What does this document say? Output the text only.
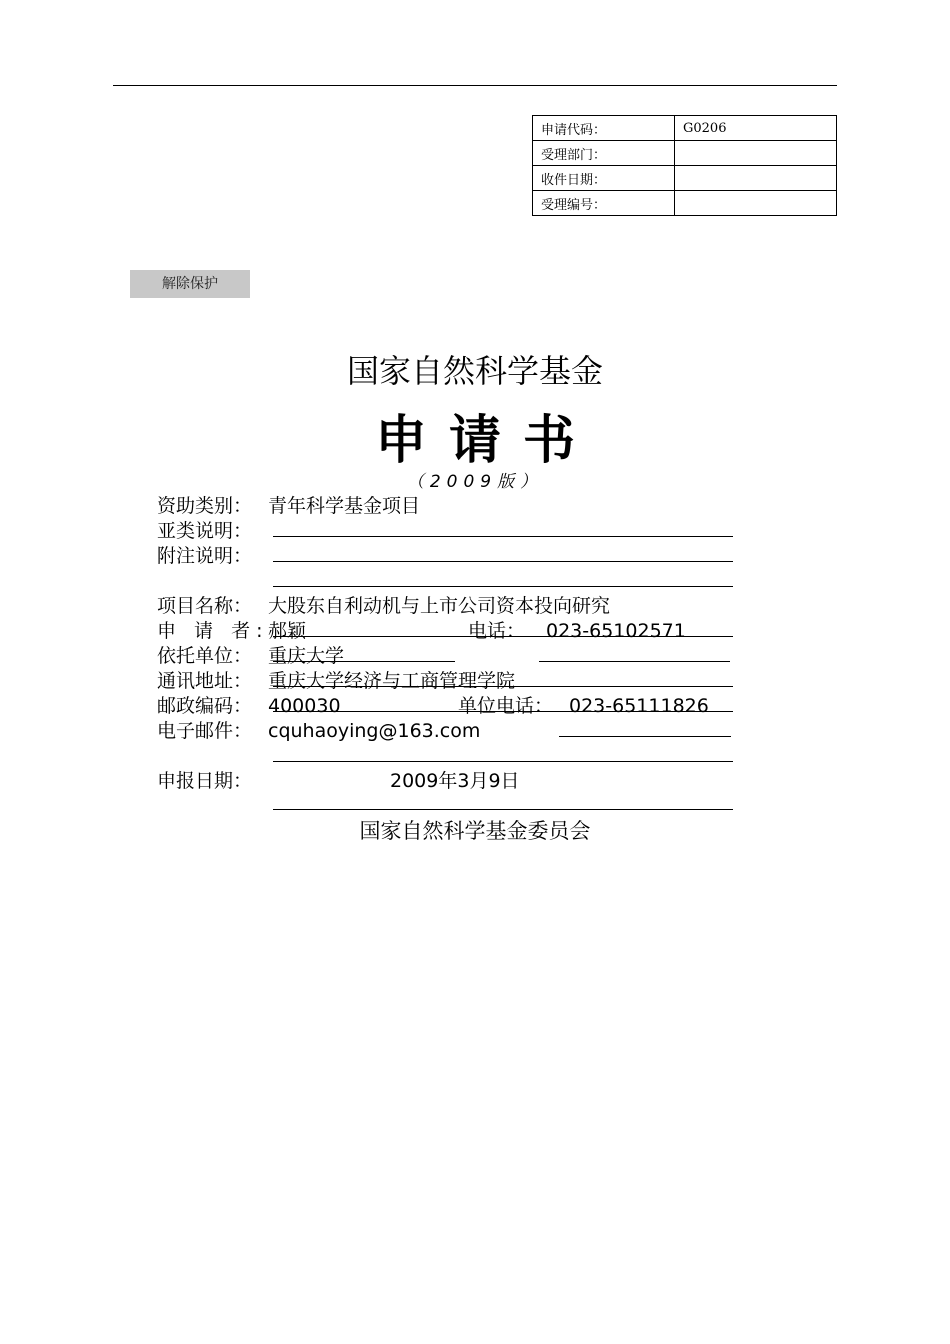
申请代码：	G0206
受理部门：	
收件日期：	
受理编号：	
解除保护
国家自然科学基金
申请书
（2009版）
资助类别： 青年科学基金项目
亚类说明：
附注说明：
项目名称： 大股东自利动机与上市公司资本投向研究
申 请 者: 郝颖	电话： 023-65102571
依托单位： 重庆大学
通讯地址： 重庆大学经济与工商管理学院
邮政编码： 400030	单位电话： 023-65111826
电子邮件： cquhaoying@163.com
申报日期：	2009年3月9日
国家自然科学基金委员会
